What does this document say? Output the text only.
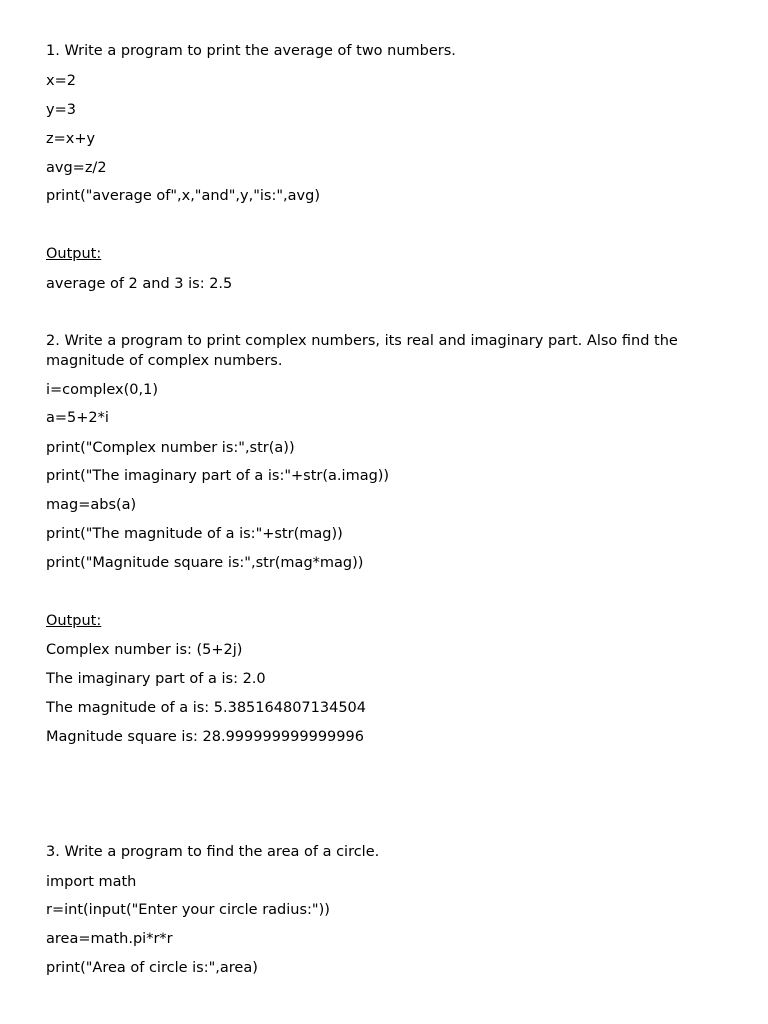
1. Write a program to print the average of two numbers.

x=2

y=3

z=x+y

avg=z/2

print("average of",x,"and",y,"is:",avg)

Output:

average of 2 and 3 is: 2.5

2. Write a program to print complex numbers, its real and imaginary part. Also find the magnitude of complex numbers.

i=complex(0,1)

a=5+2*i

print("Complex number is:",str(a))

print("The imaginary part of a is:"+str(a.imag))

mag=abs(a)

print("The magnitude of a is:"+str(mag))

print("Magnitude square is:",str(mag*mag))

Output:

Complex number is: (5+2j)

The imaginary part of a is: 2.0

The magnitude of a is: 5.385164807134504

Magnitude square is: 28.999999999999996

3. Write a program to find the area of a circle.

import math

r=int(input("Enter your circle radius:"))

area=math.pi*r*r

print("Area of circle is:",area)
